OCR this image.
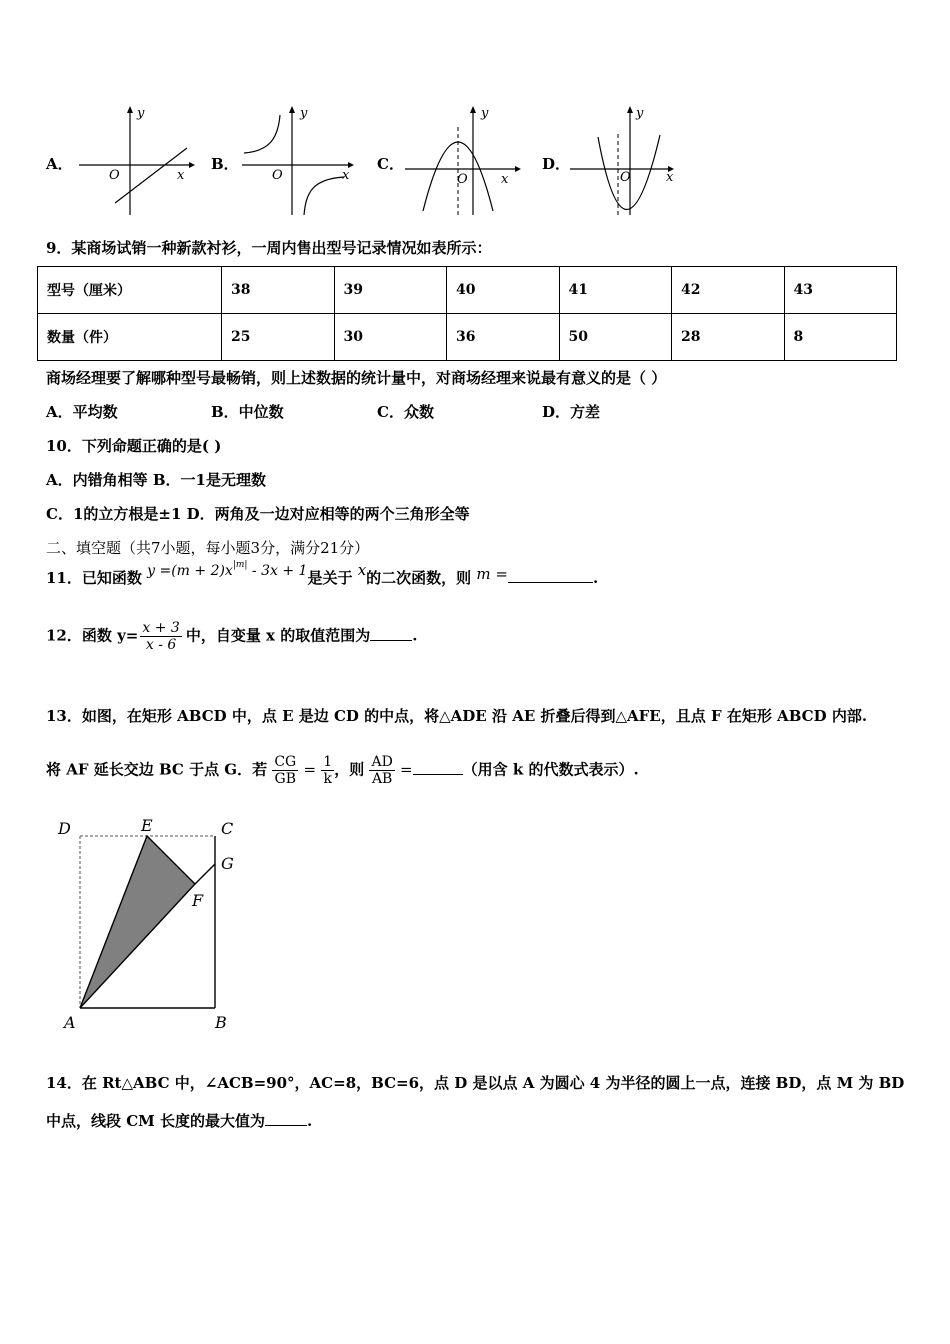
A．
y
x
O
B．
y
x
O
C．
y
x
O
D．
y
x
O
9．某商场试销一种新款衬衫，一周内售出型号记录情况如表所示：
型号（厘米）	38	39	40	41	42	43
数量（件）	25	30	36	50	28	8
商场经理要了解哪种型号最畅销，则上述数据的统计量中，对商场经理来说最有意义的是（ ）
A．平均数	B．中位数	C．众数	D．方差
10．下列命题正确的是( )
A．内错角相等 B．一1是无理数
C．1的立方根是±1 D．两角及一边对应相等的两个三角形全等
二、填空题（共7小题，每小题3分，满分21分）
11．已知函数 $y =(m + 2)x^{|m|} - 3x + 1$是关于 x的二次函数，则 m =	.
12．函数 $y= \frac{x + 3}{x - 6}$ 中，自变量 x 的取值范围为	.
13．如图，在矩形 ABCD 中，点 E 是边 CD 的中点，将△ADE 沿 AE 折叠后得到△AFE，且点 F 在矩形 ABCD 内部.
将 AF 延长交边 BC 于点 G．若 $\frac{CG}{GB} = \frac{1}{k}$ ，则 $\frac{AD}{AB}$ =	（用含 k 的代数式表示）.
D	E	C
G
F
A	B
14．在 Rt△ABC 中，∠ACB=90°，AC=8，BC=6，点 D 是以点 A 为圆心 4 为半径的圆上一点，连接 BD，点 M 为 BD
中点，线段 CM 长度的最大值为	.
